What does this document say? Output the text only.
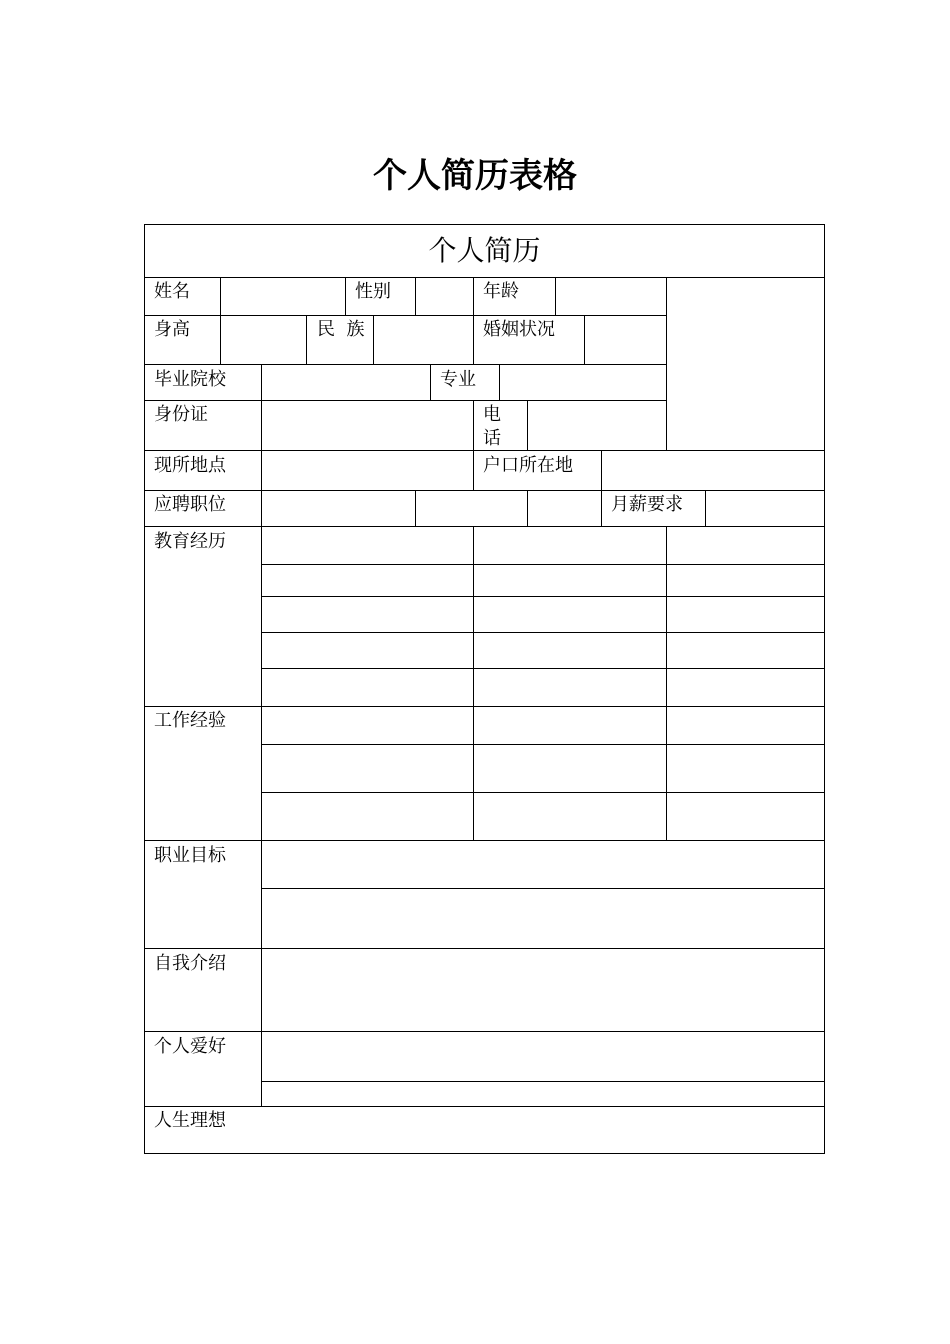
个人简历表格
个人简历
姓名	性别	年龄
身高	民  族	婚姻状况
毕业院校	专业
身份证	电话
现所地点	户口所在地
应聘职位	月薪要求
教育经历
工作经验
职业目标
自我介绍
个人爱好
人生理想
